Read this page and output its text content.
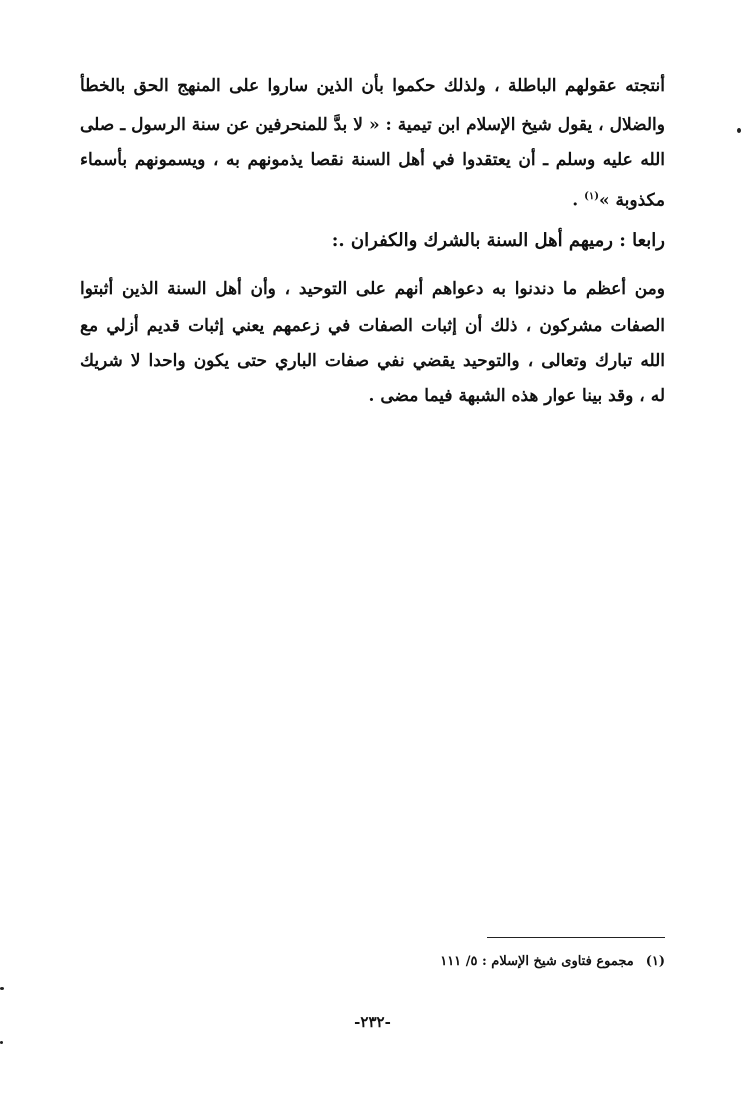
أنتجته عقولهم الباطلة ، ولذلك حكموا بأن الذين ساروا على المنهج الحق بالخطأ
والضلال ، يقول شيخ الإسلام ابن تيمية : « لا بدَّ للمنحرفين عن سنة الرسول ـ صلى
الله عليه وسلم ـ أن يعتقدوا في أهل السنة نقصا يذمونهم به ، ويسمونهم بأسماء
مكذوبة »$^{(١)}$ .
رابعا : رميهم أهل السنة بالشرك والكفران .:
ومن أعظم ما دندنوا به دعواهم أنهم على التوحيد ، وأن أهل السنة الذين أثبتوا
الصفات مشركون ، ذلك أن إثبات الصفات في زعمهم يعني إثبات قديم أزلي مع
الله تبارك وتعالى ، والتوحيد يقضي نفي صفات الباري حتى يكون واحدا لا شريك
له ، وقد بينا عوار هذه الشبهة فيما مضى .
(١)مجموع فتاوى شيخ الإسلام : ٥/ ١١١
-٢٣٢-
